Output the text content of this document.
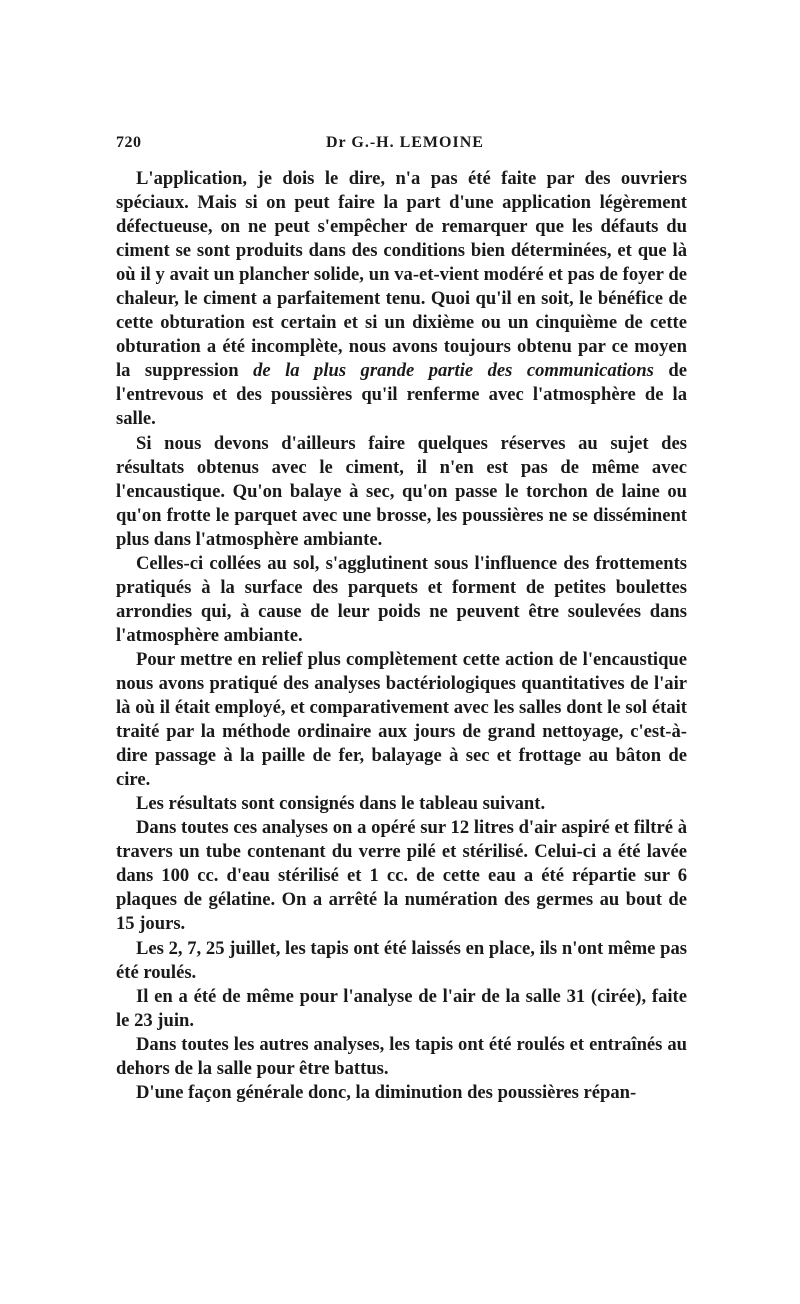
720	Dr G.-H. LEMOINE

L'application, je dois le dire, n'a pas été faite par des ouvriers spéciaux. Mais si on peut faire la part d'une application légèrement défectueuse, on ne peut s'empêcher de remarquer que les défauts du ciment se sont produits dans des conditions bien déterminées, et que là où il y avait un plancher solide, un va-et-vient modéré et pas de foyer de chaleur, le ciment a parfaitement tenu. Quoi qu'il en soit, le bénéfice de cette obturation est certain et si un dixième ou un cinquième de cette obturation a été incomplète, nous avons toujours obtenu par ce moyen la suppression de la plus grande partie des communications de l'entrevous et des poussières qu'il renferme avec l'atmosphère de la salle.

Si nous devons d'ailleurs faire quelques réserves au sujet des résultats obtenus avec le ciment, il n'en est pas de même avec l'encaustique. Qu'on balaye à sec, qu'on passe le torchon de laine ou qu'on frotte le parquet avec une brosse, les poussières ne se disséminent plus dans l'atmosphère ambiante.

Celles-ci collées au sol, s'agglutinent sous l'influence des frottements pratiqués à la surface des parquets et forment de petites boulettes arrondies qui, à cause de leur poids ne peuvent être soulevées dans l'atmosphère ambiante.

Pour mettre en relief plus complètement cette action de l'encaustique nous avons pratiqué des analyses bactériologiques quantitatives de l'air là où il était employé, et comparativement avec les salles dont le sol était traité par la méthode ordinaire aux jours de grand nettoyage, c'est-à-dire passage à la paille de fer, balayage à sec et frottage au bâton de cire.

Les résultats sont consignés dans le tableau suivant.

Dans toutes ces analyses on a opéré sur 12 litres d'air aspiré et filtré à travers un tube contenant du verre pilé et stérilisé. Celui-ci a été lavée dans 100 cc. d'eau stérilisé et 1 cc. de cette eau a été répartie sur 6 plaques de gélatine. On a arrêté la numération des germes au bout de 15 jours.

Les 2, 7, 25 juillet, les tapis ont été laissés en place, ils n'ont même pas été roulés.

Il en a été de même pour l'analyse de l'air de la salle 31 (cirée), faite le 23 juin.

Dans toutes les autres analyses, les tapis ont été roulés et entraînés au dehors de la salle pour être battus.

D'une façon générale donc, la diminution des poussières répan-
